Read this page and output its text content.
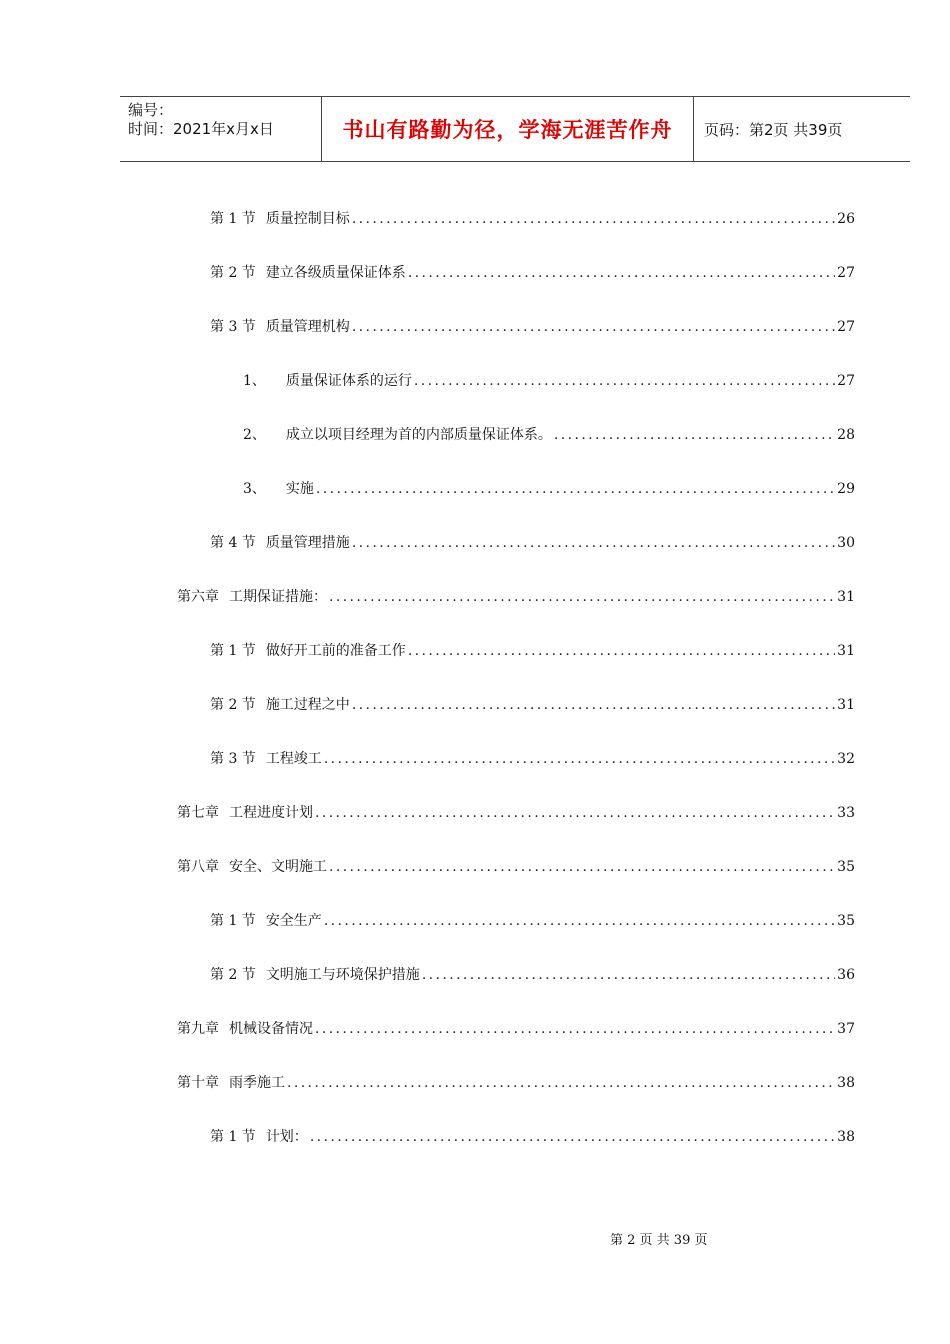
编号：
时间：2021年x月x日	书山有路勤为径，学海无涯苦作舟	页码：第2页 共39页
第 1 节 质量控制目标 .....	26
第 2 节 建立各级质量保证体系 .....	27
第 3 节 质量管理机构 .....	27
1、 质量保证体系的运行 .....	27
2、 成立以项目经理为首的内部质量保证体系。 .....	28
3、 实施 .....	29
第 4 节 质量管理措施 .....	30
第六章 工期保证措施： .....	31
第 1 节 做好开工前的准备工作 .....	31
第 2 节 施工过程之中 .....	31
第 3 节 工程竣工 .....	32
第七章 工程进度计划 .....	33
第八章 安全、文明施工 .....	35
第 1 节 安全生产 .....	35
第 2 节 文明施工与环境保护措施 .....	36
第九章 机械设备情况 .....	37
第十章 雨季施工 .....	38
第 1 节 计划： .....	38
第 2 页 共 39 页
